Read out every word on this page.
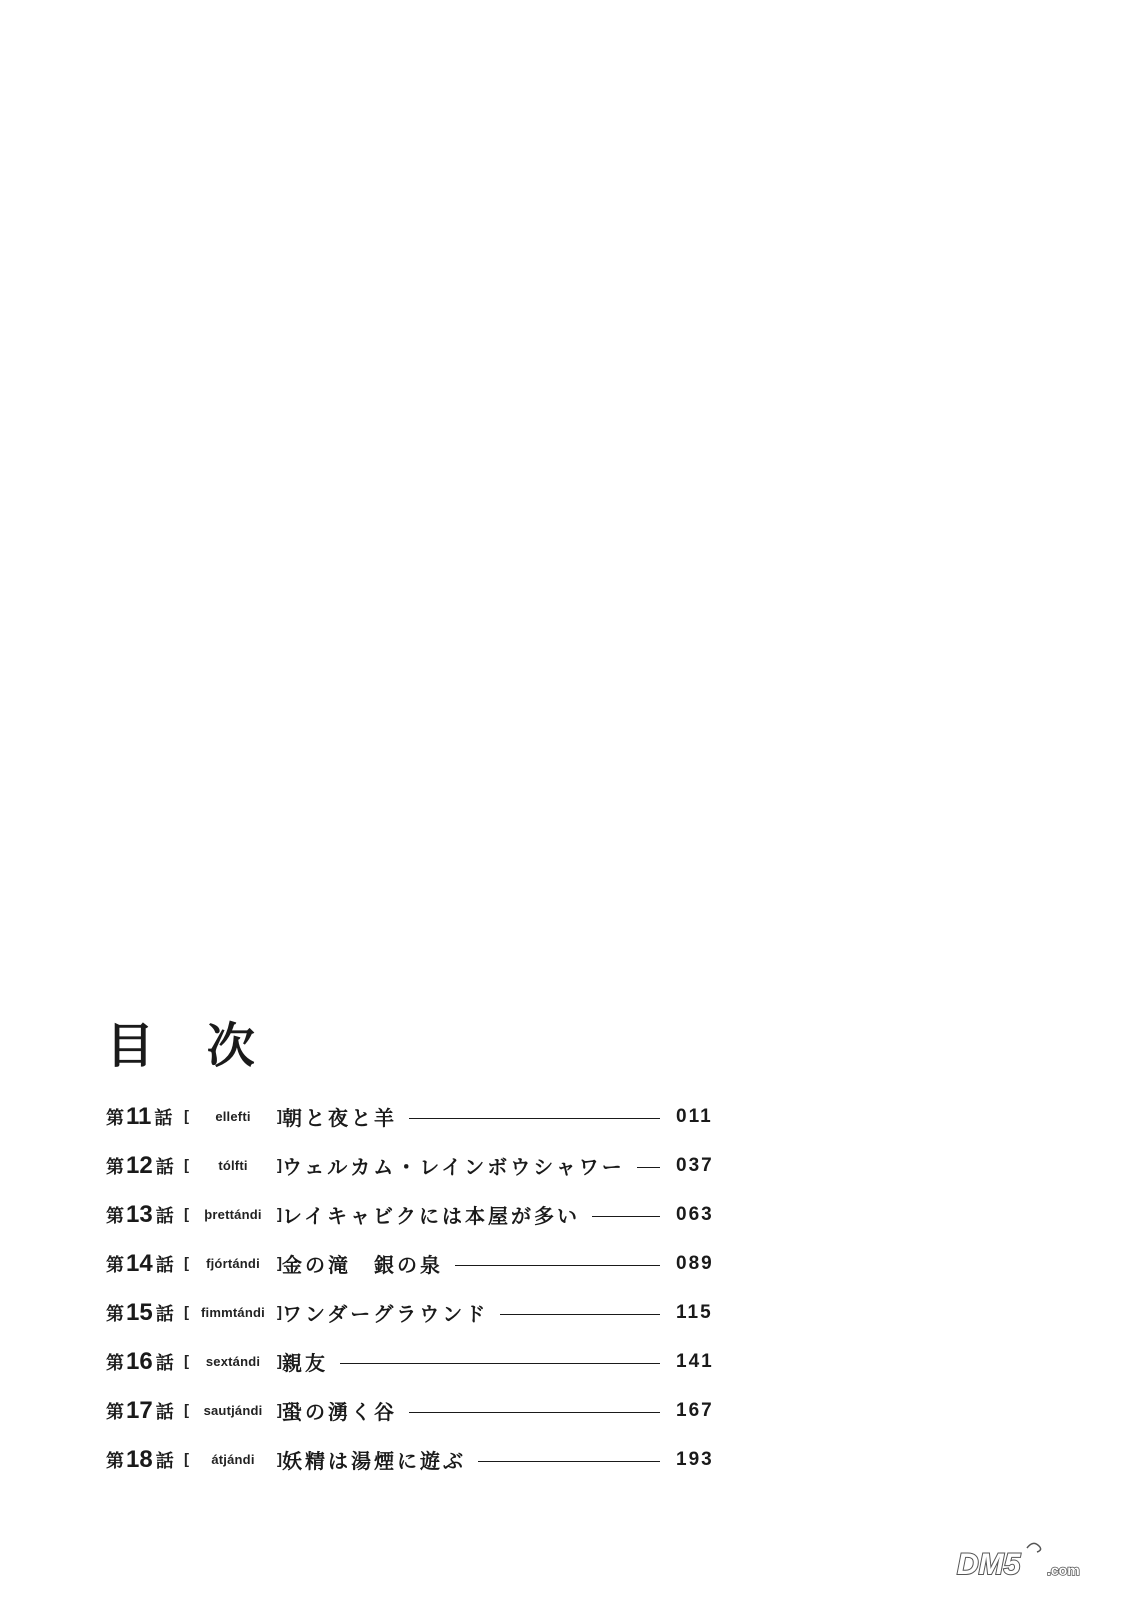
目 次
第 11 話 [	ellefti	] 朝と夜と羊	011
第 12 話 [	tólfti	] ウェルカム・レインボウシャワー	037
第 13 話 [	þrettándi	] レイキャビクには本屋が多い	063
第 14 話 [	fjórtándi	] 金の滝　銀の泉	089
第 15 話 [ fimmtándi ] ワンダーグラウンド	115
第 16 話 [	sextándi	] 親友	141
第 17 話 [	sautjándi ] 蛩の湧く谷	167
第 18 話 [	átjándi	] 妖精は湯煙に遊ぶ	193
DM5 .com
